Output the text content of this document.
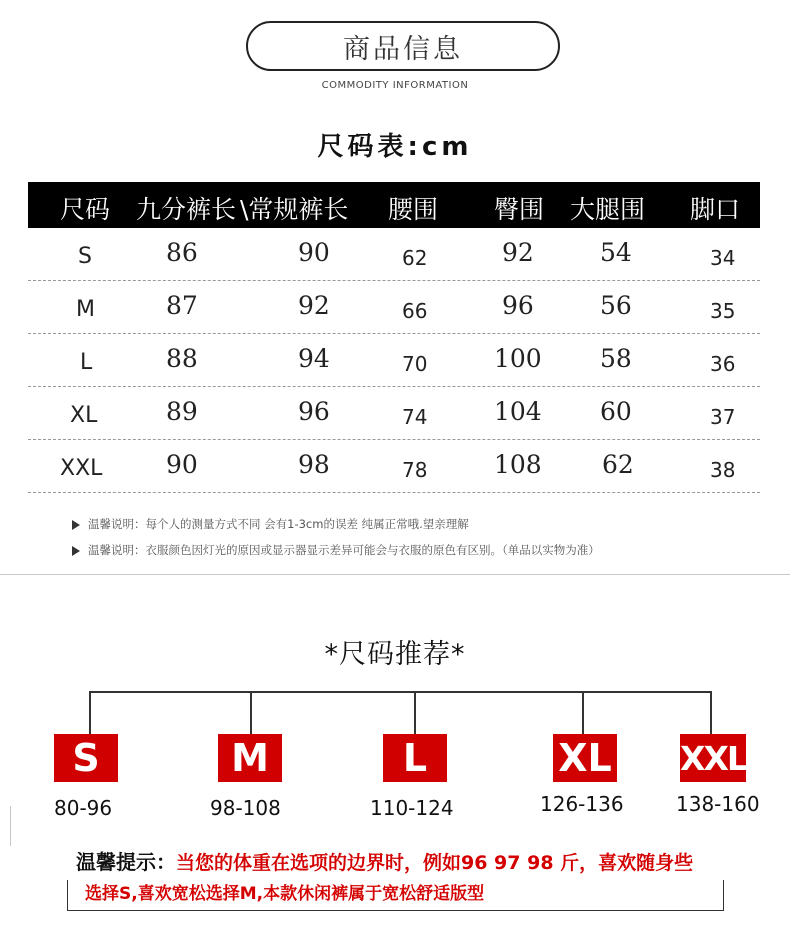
商品信息
COMMODITY INFORMATION
尺码表:cm
尺码 九分裤长 \常规裤长 腰围 臀围 大腿围 脚口
S	86	90	62	92	54	34
M	87	92	66	96	56	35
L	88	94	70	100 58	36
XL	89	96	74	104 60	37
XXL	90	98	78	108 62	38
温馨说明：每个人的测量方式不同 会有1-3cm的误差 纯属正常哦.望亲理解
温馨说明：衣服颜色因灯光的原因或显示器显示差异可能会与衣服的原色有区别。（单品以实物为准）
*尺码推荐*
S	M	L	XL XXL
80-96	98-108	110-124	126-136	138-160
温馨提示：当您的体重在选项的边界时，例如96 97 98 斤，喜欢随身些
选择S,喜欢宽松选择M,本款休闲裤属于宽松舒适版型
